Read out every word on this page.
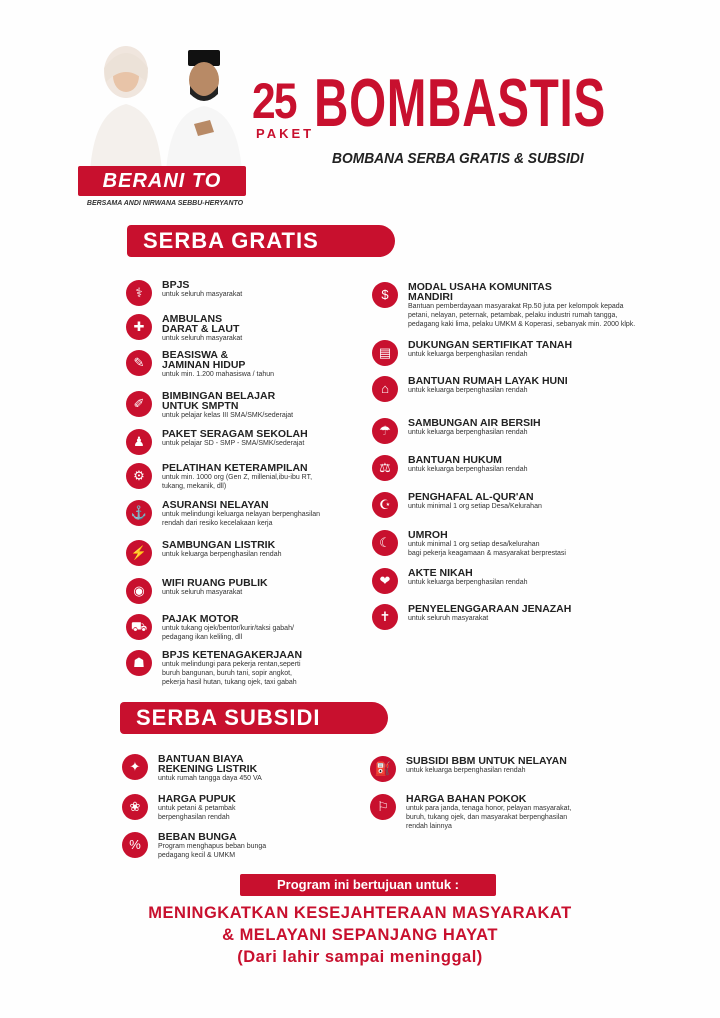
BERANI TO
BERSAMA ANDI NIRWANA SEBBU-HERYANTO
25
PAKET BOMBASTIS
BOMBANA SERBA GRATIS & SUBSIDI
SERBA GRATIS
⚕	BPJS
untuk seluruh masyarakat
✚	AMBULANS
DARAT & LAUT
untuk seluruh masyarakat
✎	BEASISWA &
JAMINAN HIDUP
untuk min. 1.200 mahasiswa / tahun
✐	BIMBINGAN BELAJAR
UNTUK SMPTN
untuk pelajar kelas III SMA/SMK/sederajat
♟	PAKET SERAGAM SEKOLAH
untuk pelajar SD - SMP - SMA/SMK/sederajat
⚙	PELATIHAN KETERAMPILAN
untuk min. 1000 org (Gen Z, millenial,ibu-ibu RT,
tukang, mekanik, dll)
⚓	ASURANSI NELAYAN
untuk melindungi keluarga nelayan berpenghasilan
rendah dari resiko kecelakaan kerja
⚡	SAMBUNGAN LISTRIK
untuk keluarga berpenghasilan rendah
◉	WIFI RUANG PUBLIK
untuk seluruh masyarakat
⛟	PAJAK MOTOR
untuk tukang ojek/bentor/kurir/taksi gabah/
pedagang ikan keliling, dll
☗	BPJS KETENAGAKERJAAN
untuk melindungi para pekerja rentan,seperti
buruh bangunan, buruh tani, sopir angkot,
pekerja hasil hutan, tukang ojek, taxi gabah
$	MODAL USAHA KOMUNITAS
MANDIRI
Bantuan pemberdayaan masyarakat Rp.50 juta per kelompok kepada
petani, nelayan, peternak, petambak, pelaku industri rumah tangga,
pedagang kaki lima, pelaku UMKM & Koperasi, sebanyak min. 2000 klpk.
▤	DUKUNGAN SERTIFIKAT TANAH
untuk keluarga berpenghasilan rendah
⌂	BANTUAN RUMAH LAYAK HUNI
untuk keluarga berpenghasilan rendah
☂	SAMBUNGAN AIR BERSIH
untuk keluarga berpenghasilan rendah
⚖	BANTUAN HUKUM
untuk keluarga berpenghasilan rendah
☪	PENGHAFAL AL-QUR'AN
untuk minimal 1 org setiap Desa/Kelurahan
☾	UMROH
untuk minimal 1 org setiap desa/kelurahan
bagi pekerja keagamaan & masyarakat berprestasi
❤	AKTE NIKAH
untuk keluarga berpenghasilan rendah
✝	PENYELENGGARAAN JENAZAH
untuk seluruh masyarakat
SERBA SUBSIDI
✦	BANTUAN BIAYA
REKENING LISTRIK
untuk rumah tangga daya 450 VA
❀	HARGA PUPUK
untuk petani & petambak
berpenghasilan rendah
%	BEBAN BUNGA
Program menghapus beban bunga
pedagang kecil & UMKM
⛽	SUBSIDI BBM UNTUK NELAYAN
untuk keluarga berpenghasilan rendah
⚐	HARGA BAHAN POKOK
untuk para janda, tenaga honor, pelayan masyarakat,
buruh, tukang ojek, dan masyarakat berpenghasilan
rendah lainnya
Program ini bertujuan untuk :
MENINGKATKAN KESEJAHTERAAN MASYARAKAT
& MELAYANI SEPANJANG HAYAT
(Dari lahir sampai meninggal)
